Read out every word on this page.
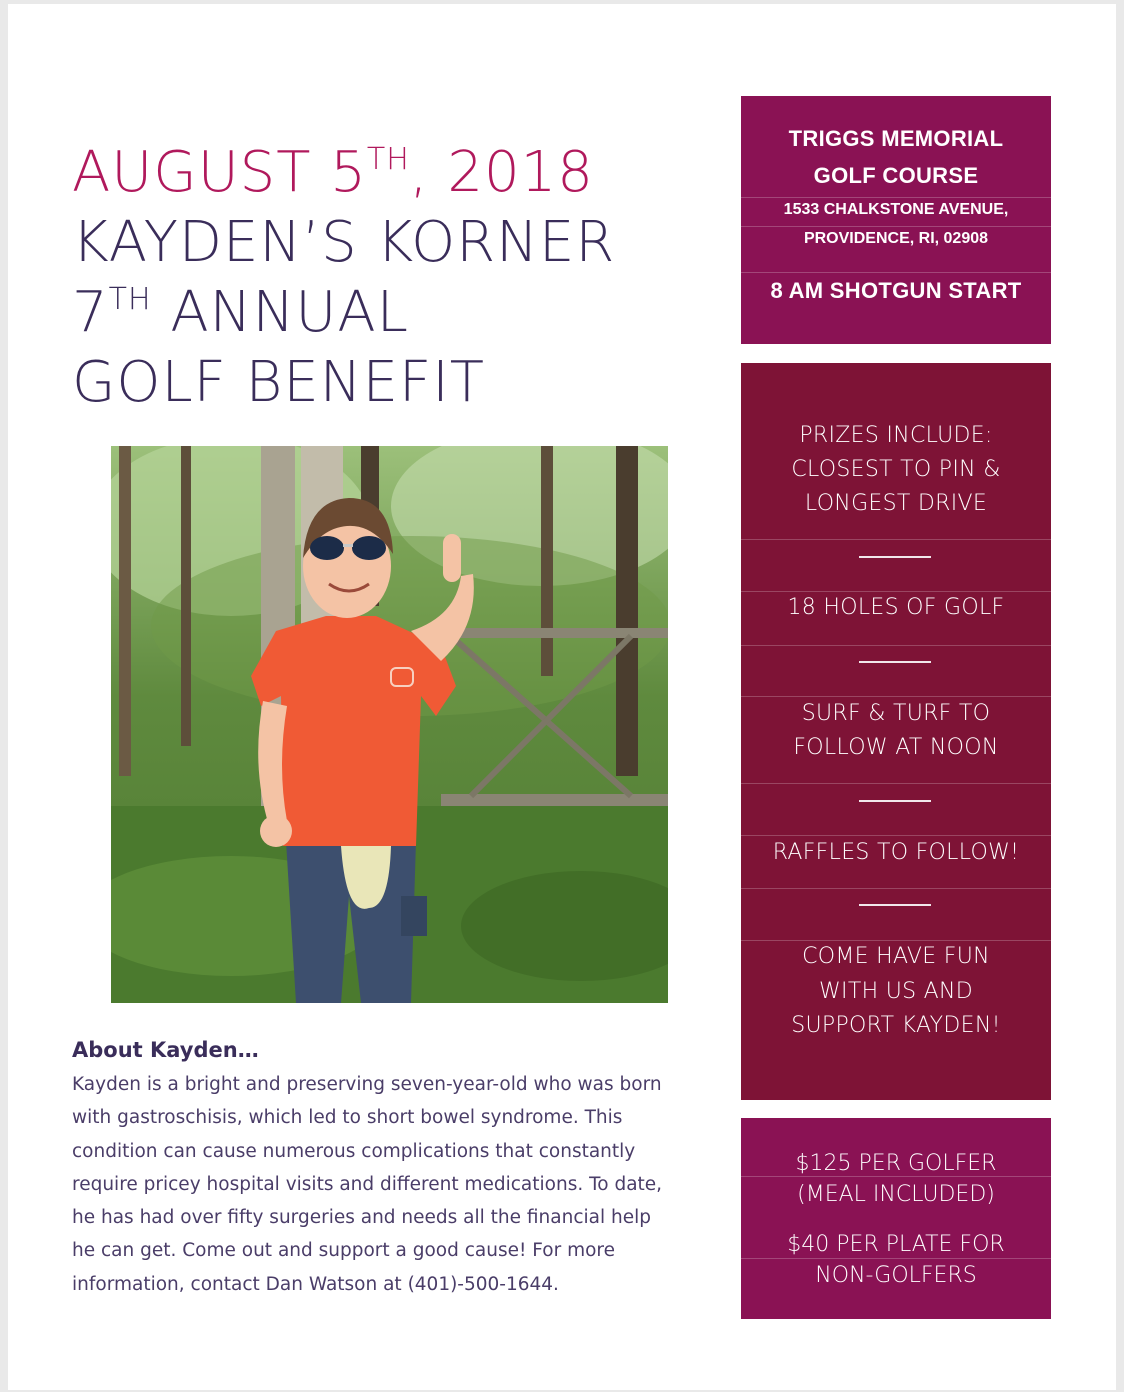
AUGUST 5TH, 2018
KAYDEN’S KORNER
7TH ANNUAL
GOLF BENEFIT
About Kayden…

Kayden is a bright and preserving seven-year-old who was born
with gastroschisis, which led to short bowel syndrome. This
condition can cause numerous complications that constantly
require pricey hospital visits and different medications. To date,
he has had over fifty surgeries and needs all the financial help
he can get. Come out and support a good cause! For more
information, contact Dan Watson at (401)-500-1644.

TRIGGS MEMORIAL
GOLF COURSE
1533 CHALKSTONE AVENUE,
PROVIDENCE, RI, 02908
8 AM SHOTGUN START
PRIZES INCLUDE:
CLOSEST TO PIN &
LONGEST DRIVE
18 HOLES OF GOLF
SURF & TURF TO
FOLLOW AT NOON
RAFFLES TO FOLLOW!
COME HAVE FUN
WITH US AND
SUPPORT KAYDEN!
$125 PER GOLFER
(MEAL INCLUDED)
$40 PER PLATE FOR
NON-GOLFERS
